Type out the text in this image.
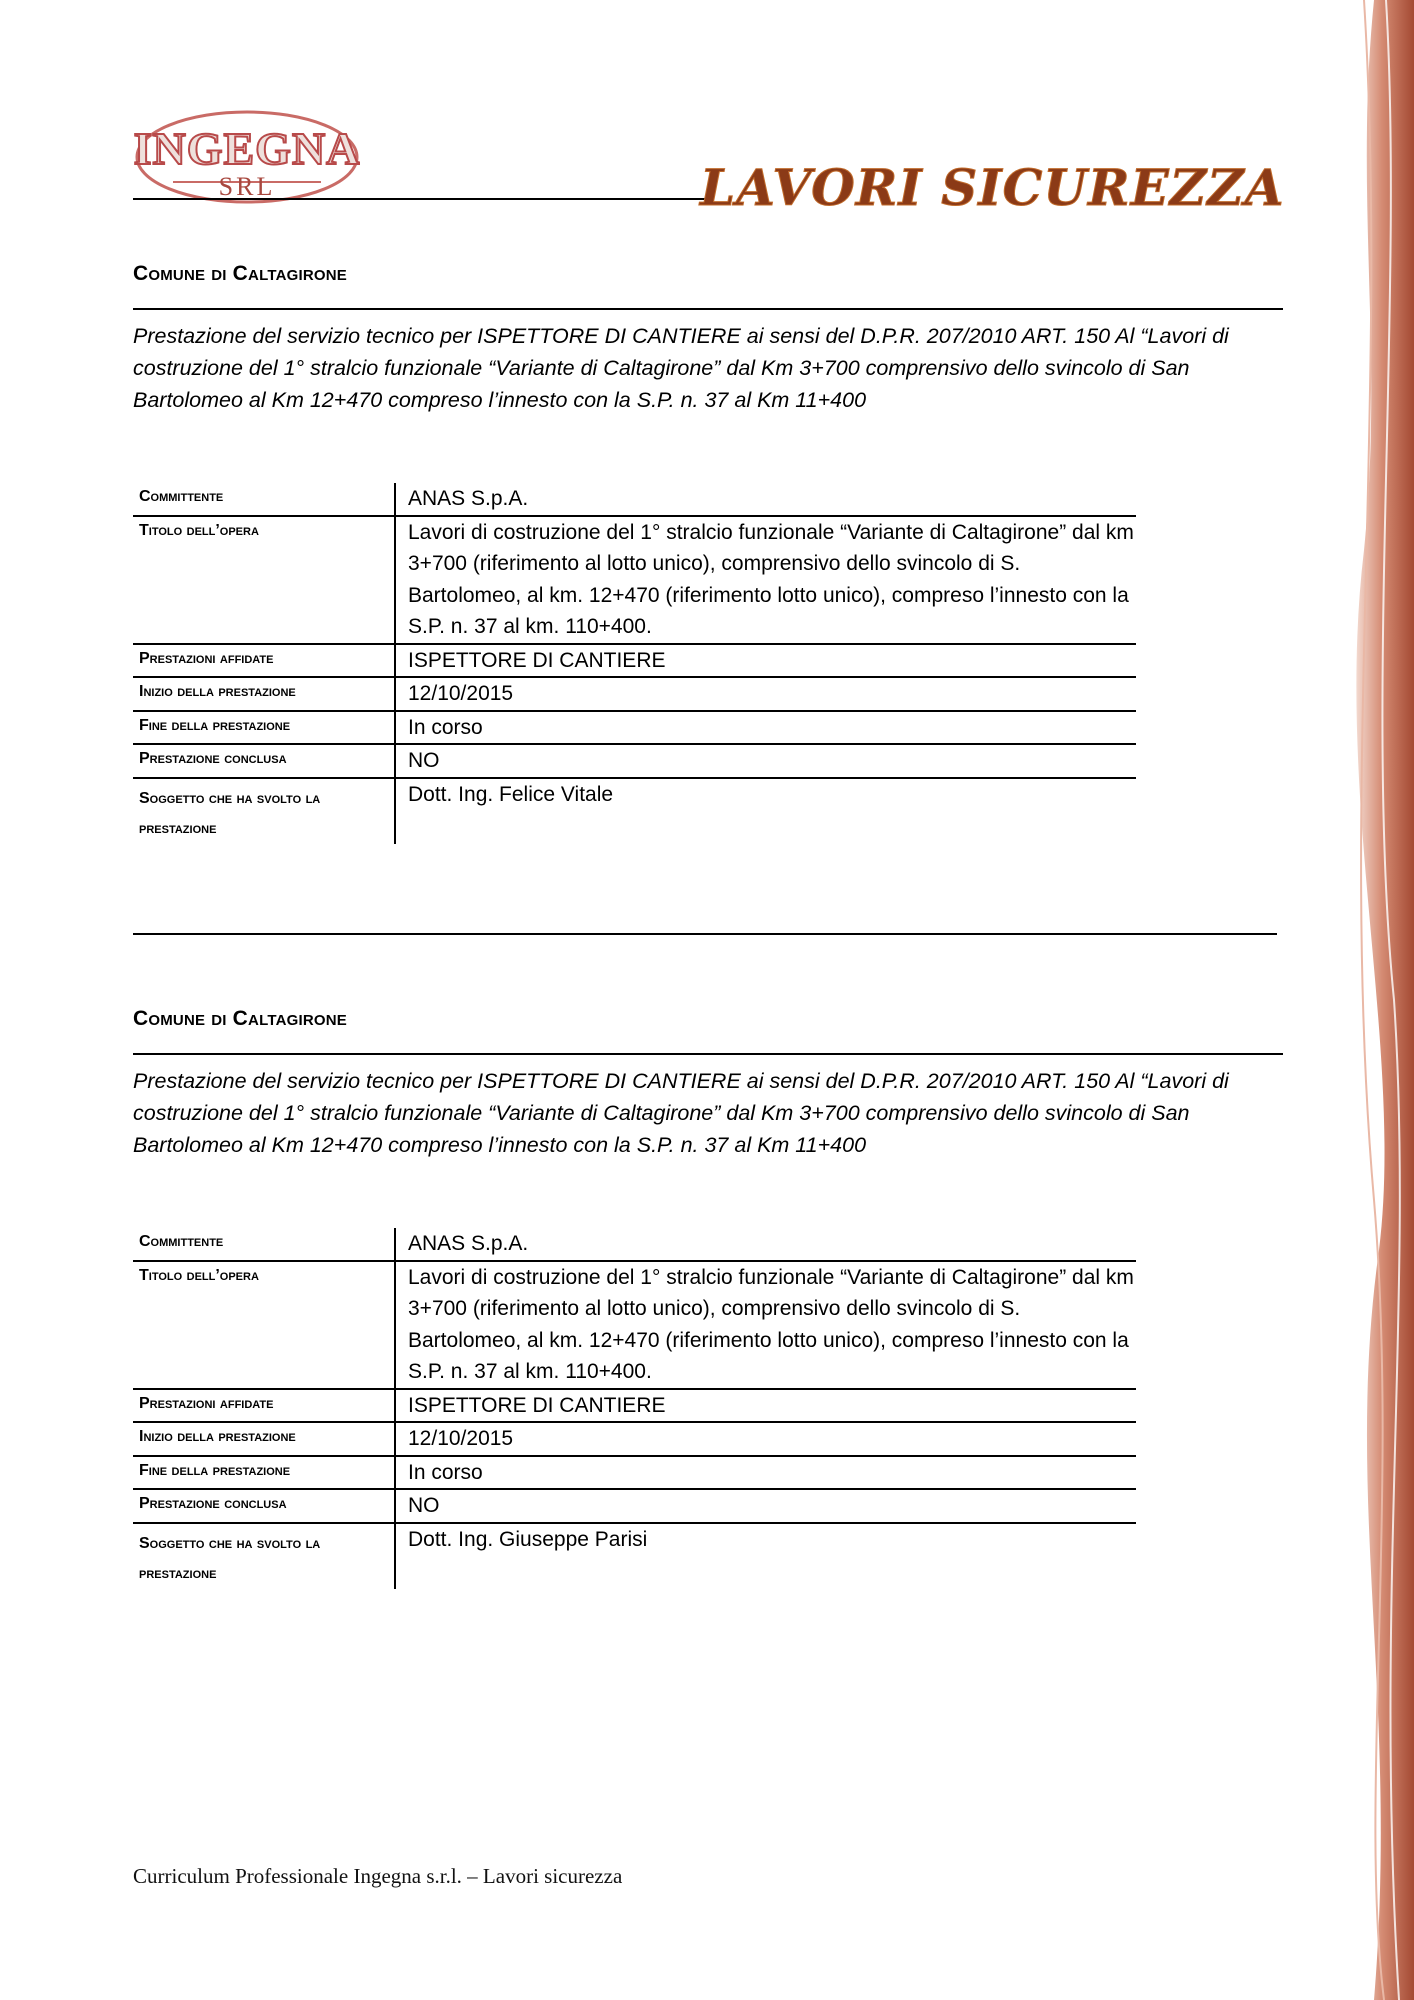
INGEGNA
SRL	LAVORI SICUREZZA
Comune di Caltagirone
Prestazione del servizio tecnico per ISPETTORE DI CANTIERE ai sensi del D.P.R. 207/2010 ART. 150 Al “Lavori di costruzione del 1° stralcio funzionale “Variante di Caltagirone” dal Km 3+700 comprensivo dello svincolo di San Bartolomeo al Km 12+470 compreso l’innesto con la S.P. n. 37 al Km 11+400
Committente	ANAS S.p.A.
Titolo dell’opera	Lavori di costruzione del 1° stralcio funzionale “Variante di Caltagirone” dal km 3+700 (riferimento al lotto unico), comprensivo dello svincolo di S. Bartolomeo, al km. 12+470 (riferimento lotto unico), compreso l’innesto con la S.P. n. 37 al km. 110+400.
Prestazioni affidate	ISPETTORE DI CANTIERE
Inizio della prestazione	12/10/2015
Fine della prestazione	In corso
Prestazione conclusa	NO
Soggetto che ha svolto la prestazione	Dott. Ing. Felice Vitale
Comune di Caltagirone
Prestazione del servizio tecnico per ISPETTORE DI CANTIERE ai sensi del D.P.R. 207/2010 ART. 150 Al “Lavori di costruzione del 1° stralcio funzionale “Variante di Caltagirone” dal Km 3+700 comprensivo dello svincolo di San Bartolomeo al Km 12+470 compreso l’innesto con la S.P. n. 37 al Km 11+400
Committente	ANAS S.p.A.
Titolo dell’opera	Lavori di costruzione del 1° stralcio funzionale “Variante di Caltagirone” dal km 3+700 (riferimento al lotto unico), comprensivo dello svincolo di S. Bartolomeo, al km. 12+470 (riferimento lotto unico), compreso l’innesto con la S.P. n. 37 al km. 110+400.
Prestazioni affidate	ISPETTORE DI CANTIERE
Inizio della prestazione	12/10/2015
Fine della prestazione	In corso
Prestazione conclusa	NO
Soggetto che ha svolto la prestazione	Dott. Ing. Giuseppe Parisi
Curriculum Professionale Ingegna s.r.l. – Lavori sicurezza
